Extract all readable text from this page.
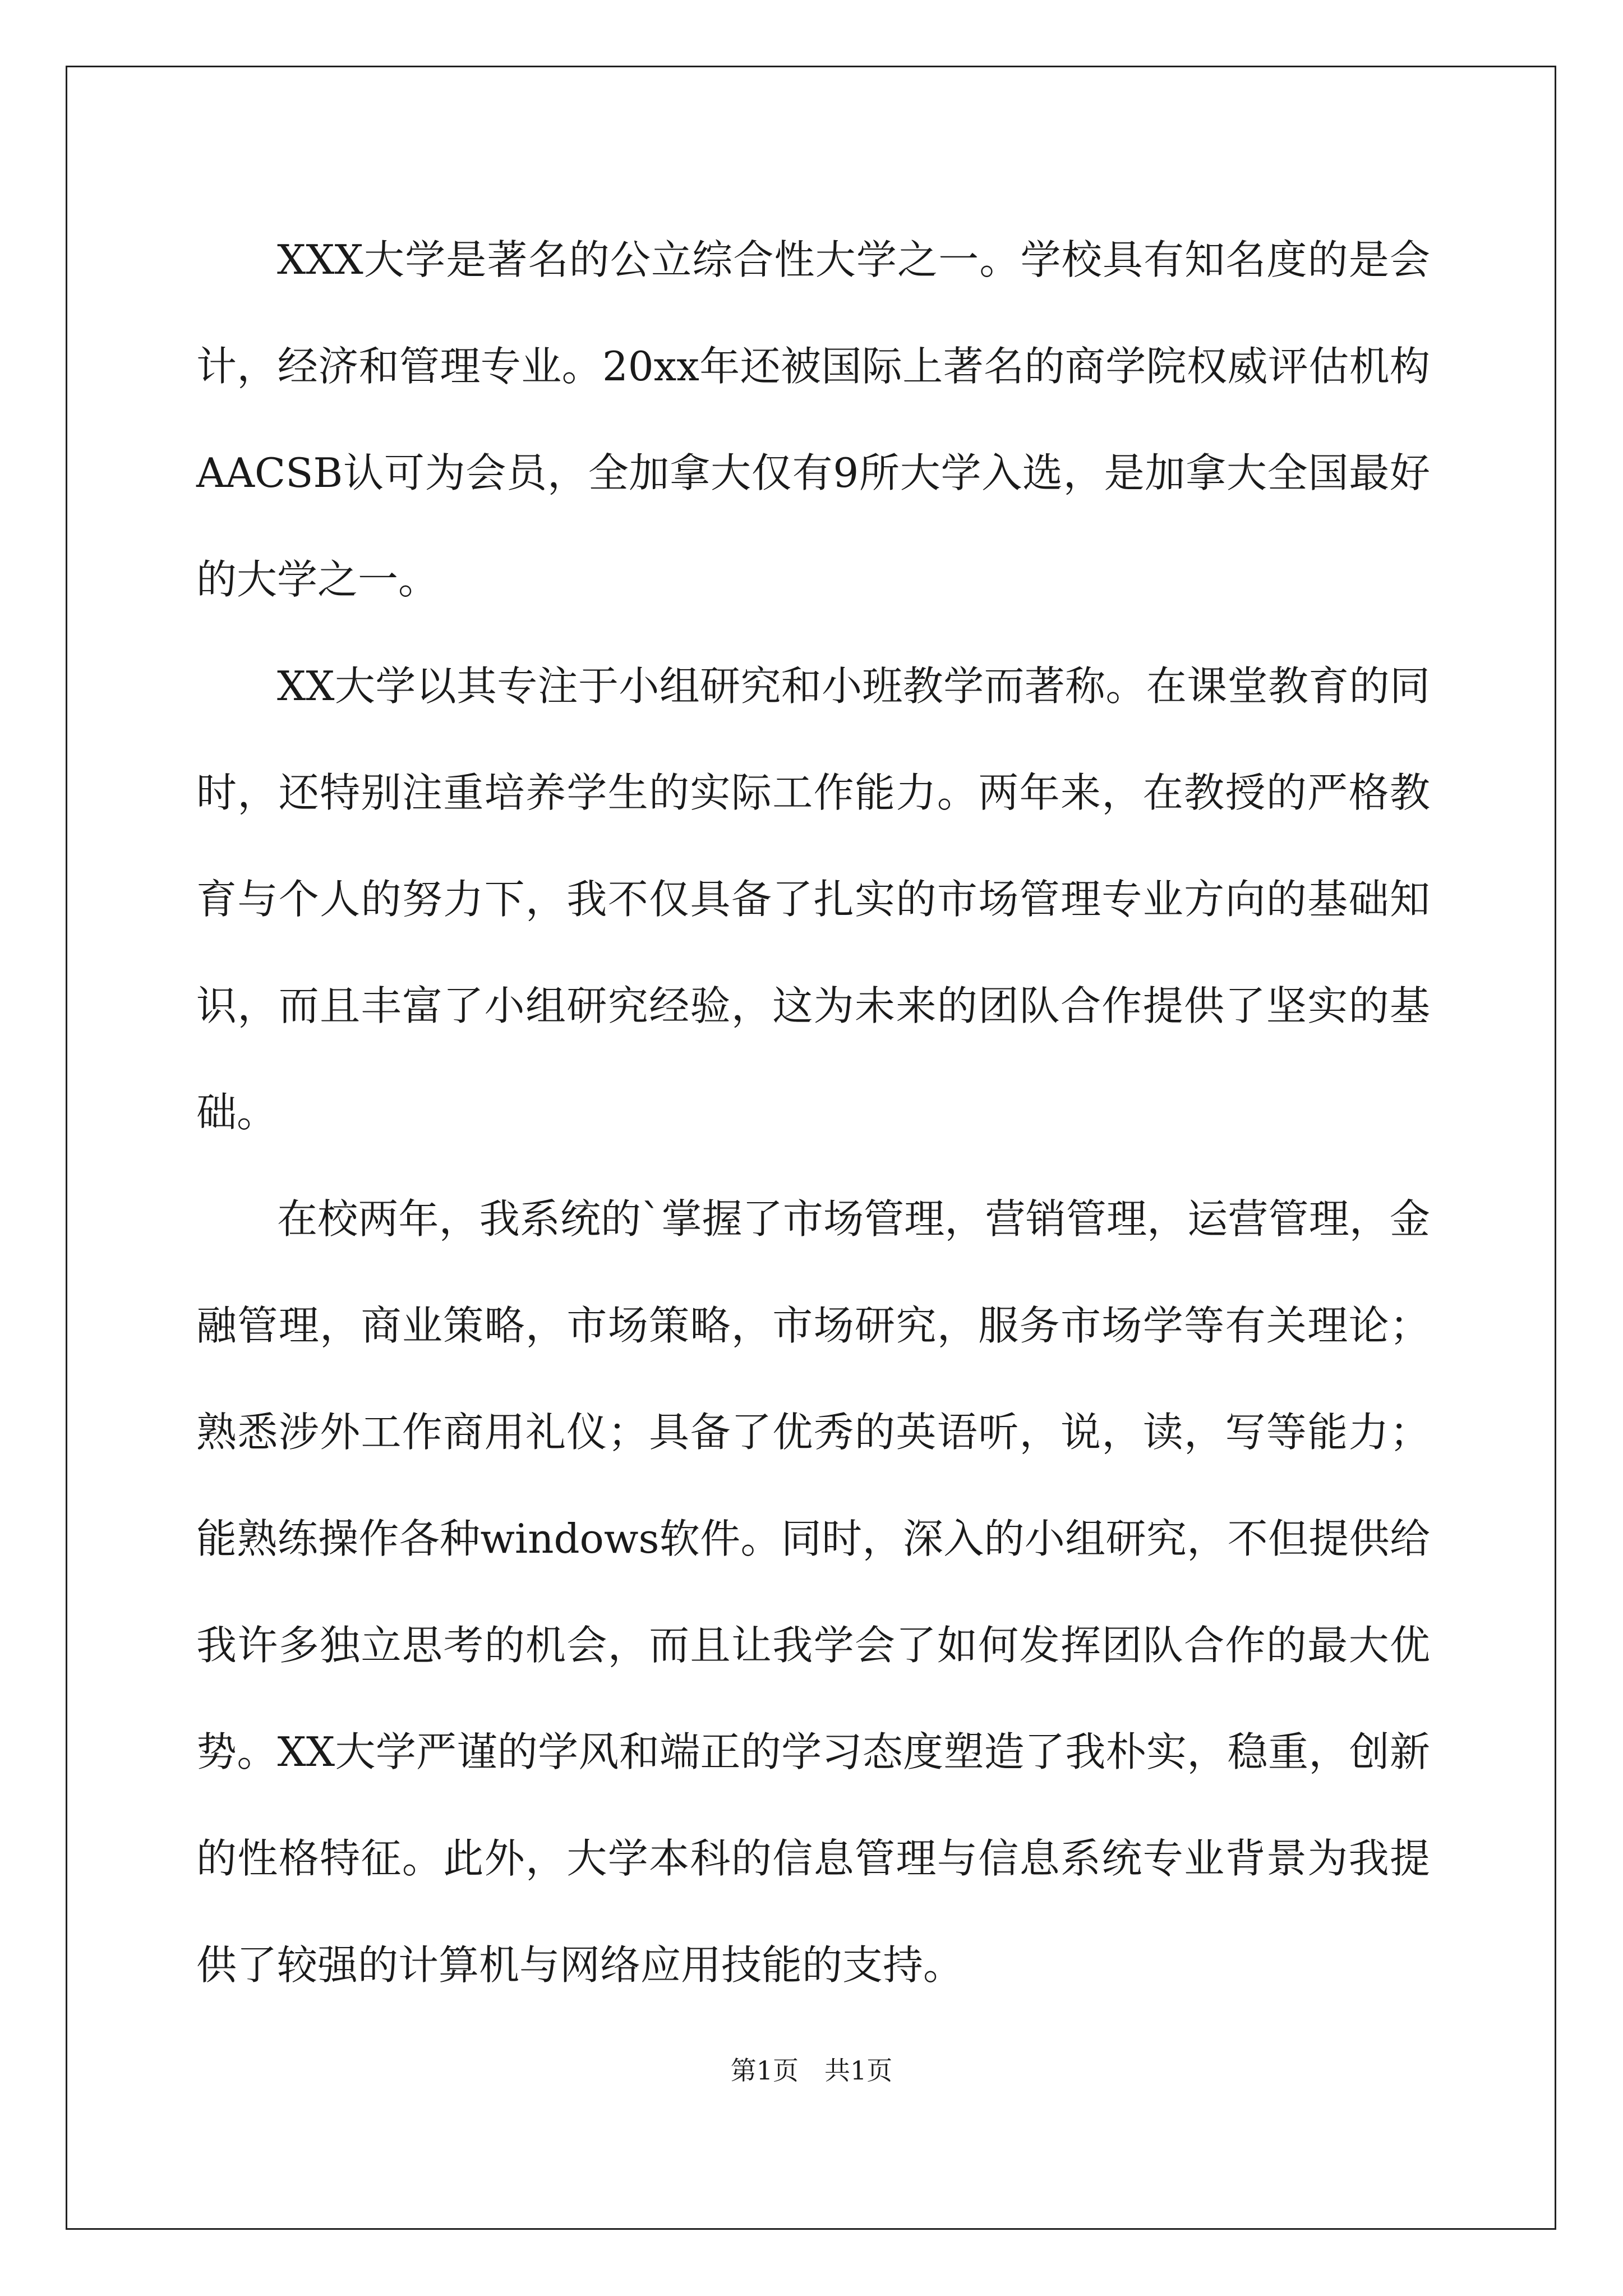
XXX大学是著名的公立综合性大学之一。学校具有知名度的是会计，经济和管理专业。20xx年还被国际上著名的商学院权威评估机构AACSB认可为会员，全加拿大仅有9所大学入选，是加拿大全国最好的大学之一。

XX大学以其专注于小组研究和小班教学而著称。在课堂教育的同时，还特别注重培养学生的实际工作能力。两年来，在教授的严格教育与个人的努力下，我不仅具备了扎实的市场管理专业方向的基础知识，而且丰富了小组研究经验，这为未来的团队合作提供了坚实的基础。

在校两年，我系统的`掌握了市场管理，营销管理，运营管理，金融管理，商业策略，市场策略，市场研究，服务市场学等有关理论；熟悉涉外工作商用礼仪；具备了优秀的英语听，说，读，写等能力；能熟练操作各种windows软件。同时，深入的小组研究，不但提供给我许多独立思考的机会，而且让我学会了如何发挥团队合作的最大优势。XX大学严谨的学风和端正的学习态度塑造了我朴实，稳重，创新的性格特征。此外，大学本科的信息管理与信息系统专业背景为我提供了较强的计算机与网络应用技能的支持。

第1页 共1页
